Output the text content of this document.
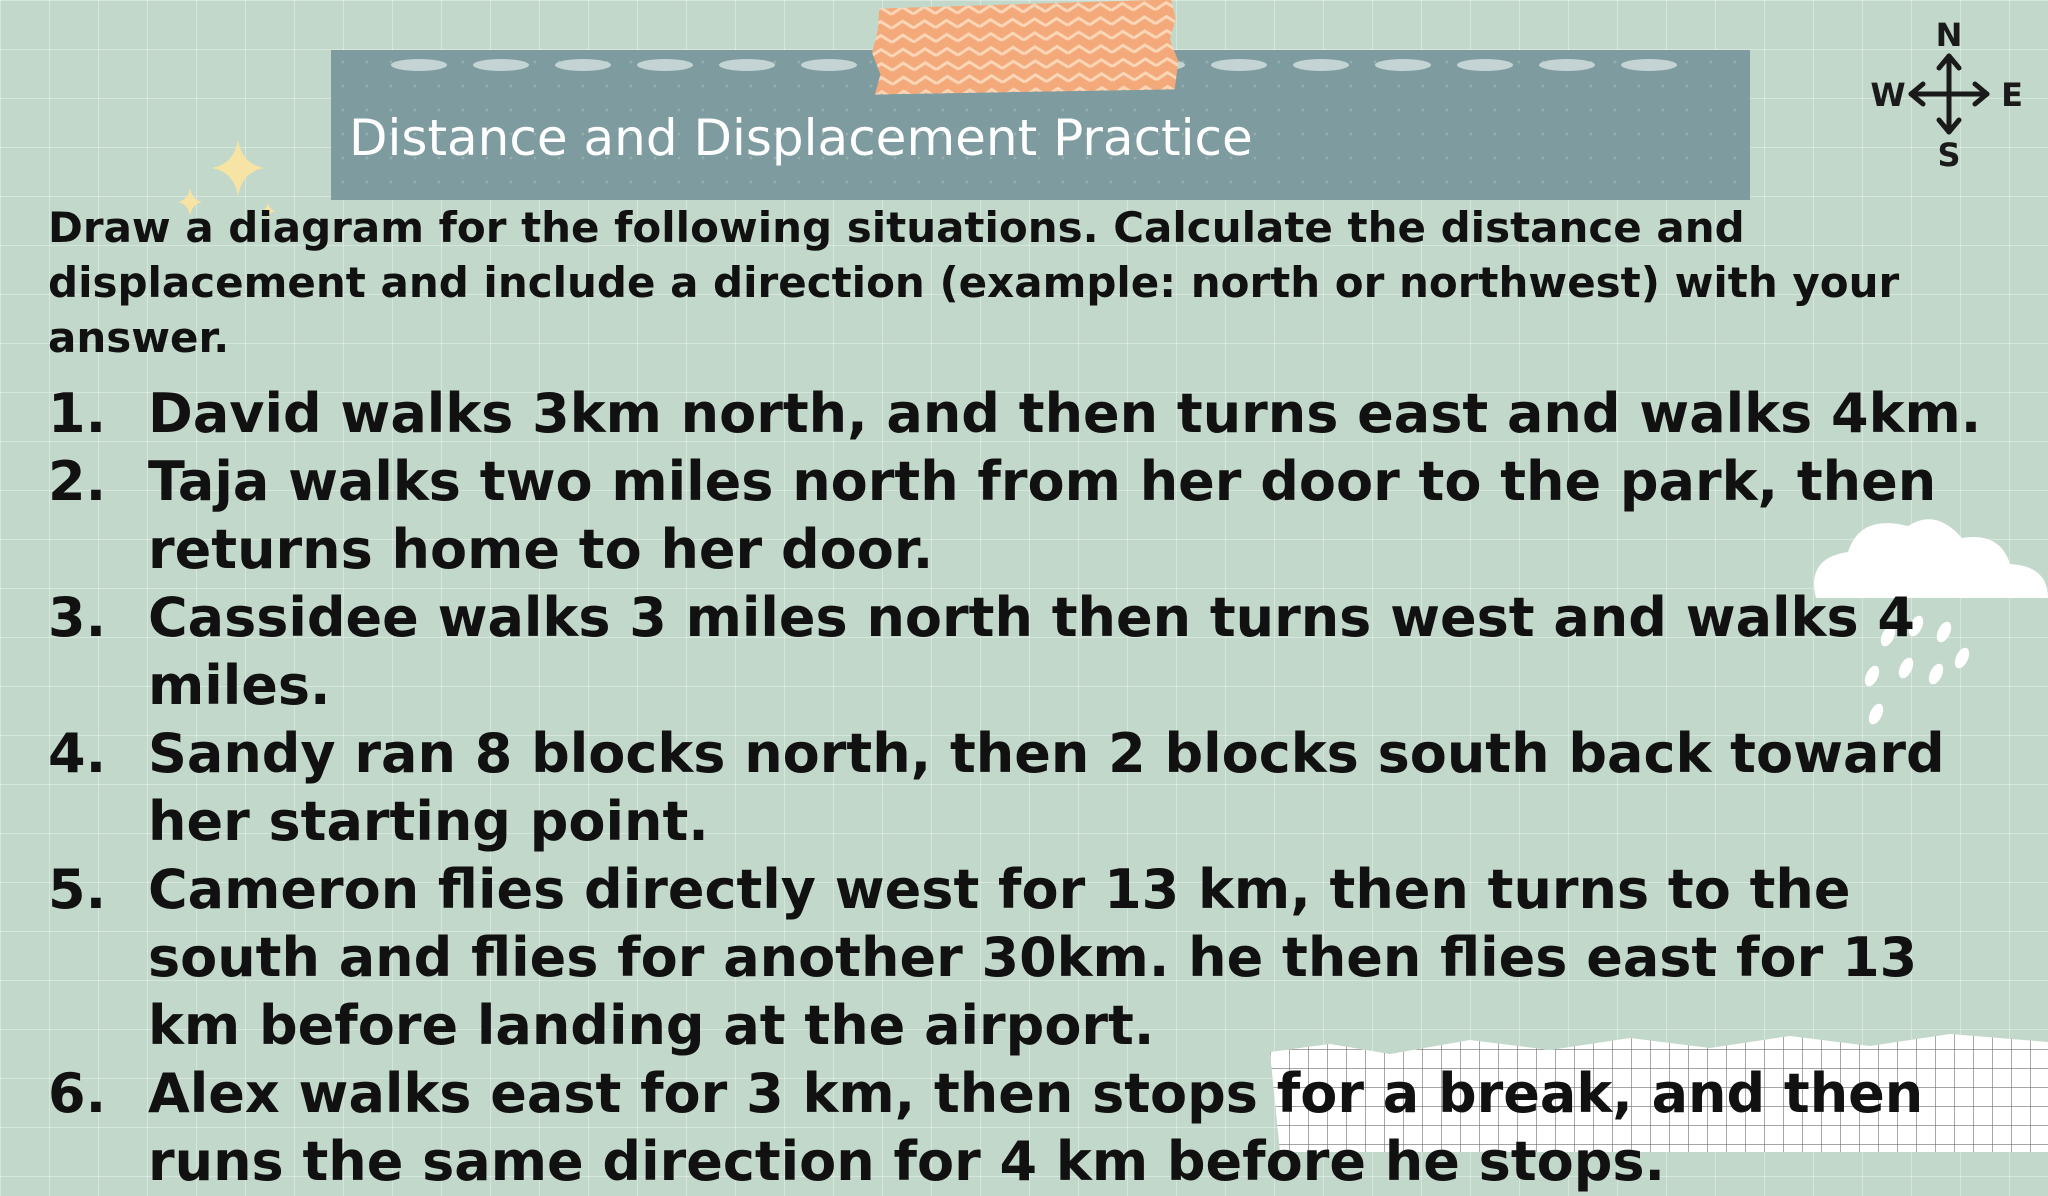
Distance and Displacement Practice
N
S
W	E

Draw a diagram for the following situations. Calculate the distance and displacement and include a direction (example: north or northwest) with your answer.

1. David walks 3km north, and then turns east and walks 4km.
2. Taja walks two miles north from her door to the park, then returns home to her door.
3. Cassidee walks 3 miles north then turns west and walks 4 miles.
4. Sandy ran 8 blocks north, then 2 blocks south back toward her starting point.
5. Cameron flies directly west for 13 km, then turns to the south and flies for another 30km. he then flies east for 13 km before landing at the airport.
6. Alex walks east for 3 km, then stops for a break, and then runs the same direction for 4 km before he stops.
